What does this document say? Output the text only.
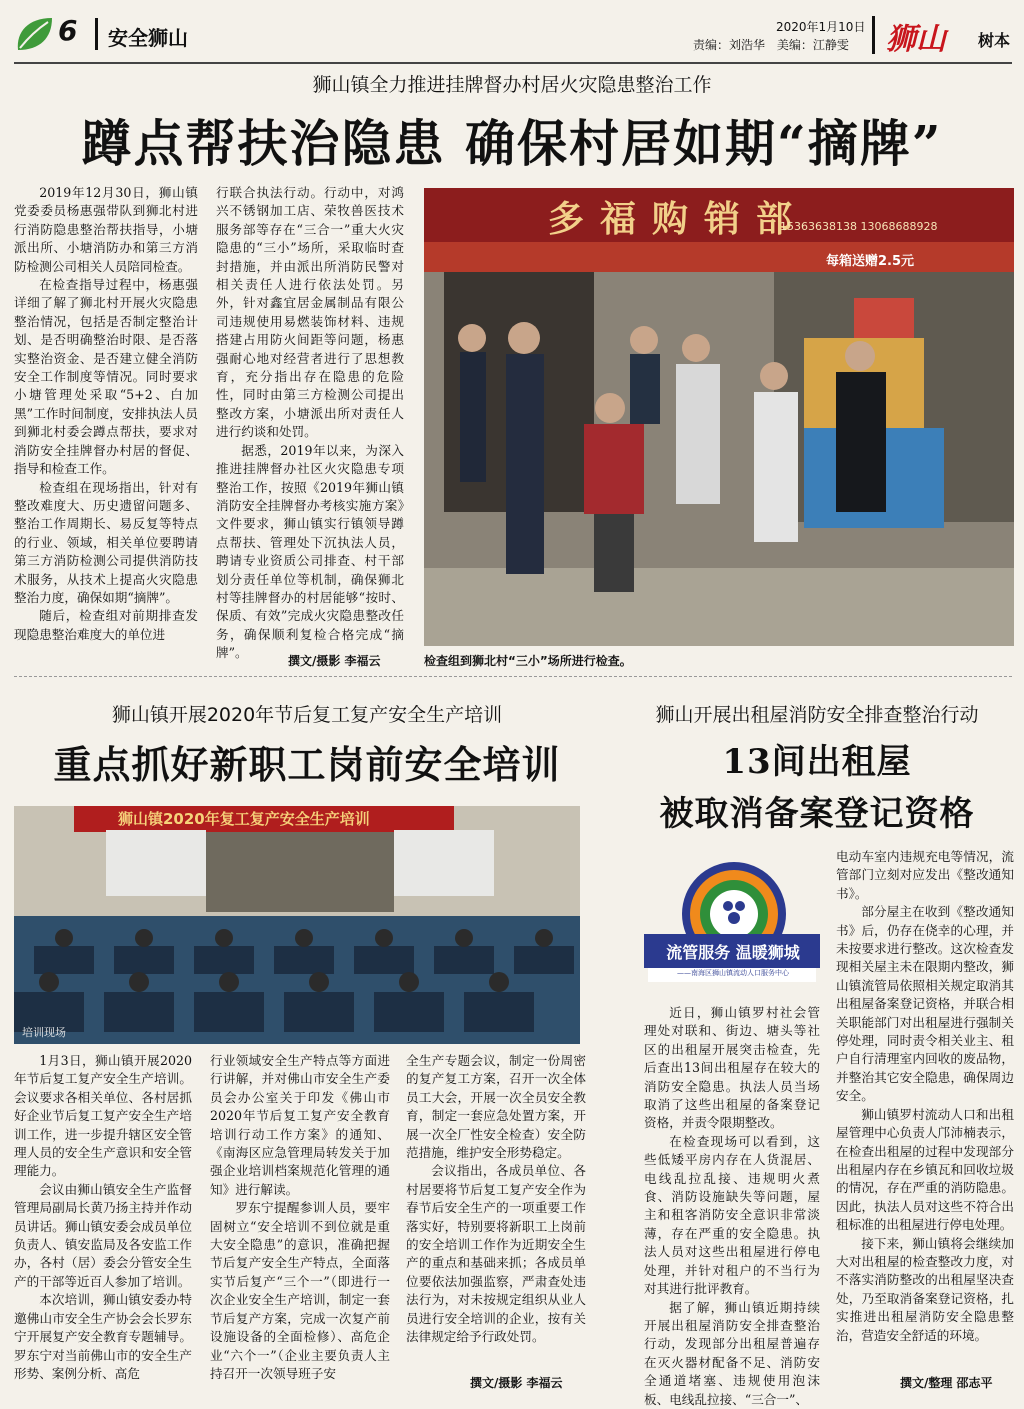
6 安全狮山	2020年1月10日
责编：刘浩华 美编：江静雯 狮山 树本
狮山镇全力推进挂牌督办村居火灾隐患整治工作
蹲点帮扶治隐患 确保村居如期“摘牌”

2019年12月30日，狮山镇党委委员杨惠强带队到狮北村进行消防隐患整治帮扶指导，小塘派出所、小塘消防办和第三方消防检测公司相关人员陪同检查。

在检查指导过程中，杨惠强详细了解了狮北村开展火灾隐患整治情况，包括是否制定整治计划、是否明确整治时限、是否落实整治资金、是否建立健全消防安全工作制度等情况。同时要求小塘管理处采取“5+2、白加黑”工作时间制度，安排执法人员到狮北村委会蹲点帮扶，要求对消防安全挂牌督办村居的督促、指导和检查工作。

检查组在现场指出，针对有整改难度大、历史遗留问题多、整治工作周期长、易反复等特点的行业、领域，相关单位要聘请第三方消防检测公司提供消防技术服务，从技术上提高火灾隐患整治力度，确保如期“摘牌”。

随后，检查组对前期排查发现隐患整治难度大的单位进

行联合执法行动。行动中，对鸿兴不锈钢加工店、荣牧兽医技术服务部等存在“三合一”重大火灾隐患的“三小”场所，采取临时查封措施，并由派出所消防民警对相关责任人进行依法处罚。另外，针对鑫宜居金属制品有限公司违规使用易燃装饰材料、违规搭建占用防火间距等问题，杨惠强耐心地对经营者进行了思想教育，充分指出存在隐患的危险性，同时由第三方检测公司提出整改方案，小塘派出所对责任人进行约谈和处罚。

据悉，2019年以来，为深入推进挂牌督办社区火灾隐患专项整治工作，按照《2019年狮山镇消防安全挂牌督办考核实施方案》文件要求，狮山镇实行镇领导蹲点帮扶、管理处下沉执法人员，聘请专业资质公司排查、村干部划分责任单位等机制，确保狮北村等挂牌督办的村居能够“按时、保质、有效”完成火灾隐患整改任务，确保顺利复检合格完成“摘牌”。

撰文/摄影 李福云
多福购销部
15363638138 13068688928
每箱送赠2.5元
检查组到狮北村“三小”场所进行检查。
狮山镇开展2020年节后复工复产安全生产培训
重点抓好新职工岗前安全培训
狮山镇2020年复工复产安全生产培训
培训现场

1月3日，狮山镇开展2020年节后复工复产安全生产培训。会议要求各相关单位、各村居抓好企业节后复工复产安全生产培训工作，进一步提升辖区安全管理人员的安全生产意识和安全管理能力。

会议由狮山镇安全生产监督管理局副局长黄乃扬主持并作动员讲话。狮山镇安委会成员单位负责人、镇安监局及各安监工作办，各村（居）委会分管安全生产的干部等近百人参加了培训。

本次培训，狮山镇安委办特邀佛山市安全生产协会会长罗东宁开展复产安全教育专题辅导。罗东宁对当前佛山市的安全生产形势、案例分析、高危

行业领域安全生产特点等方面进行讲解，并对佛山市安全生产委员会办公室关于印发《佛山市2020年节后复工复产安全教育培训行动工作方案》的通知、《南海区应急管理局转发关于加强企业培训档案规范化管理的通知》进行解读。

罗东宁提醒参训人员，要牢固树立“安全培训不到位就是重大安全隐患”的意识，准确把握节后复产安全生产特点，全面落实节后复产“三个一”（即进行一次企业安全生产培训，制定一套节后复产方案，完成一次复产前设施设备的全面检修）、高危企业“六个一”（企业主要负责人主持召开一次领导班子安

全生产专题会议，制定一份周密的复产复工方案，召开一次全体员工大会，开展一次全员安全教育，制定一套应急处置方案，开展一次全厂性安全检查）安全防范措施，维护安全形势稳定。

会议指出，各成员单位、各村居要将节后复工复产安全作为春节后安全生产的一项重要工作落实好，特别要将新职工上岗前的安全培训工作作为近期安全生产的重点和基础来抓；各成员单位要依法加强监察，严肃查处违法行为，对未按规定组织从业人员进行安全培训的企业，按有关法律规定给予行政处罚。

撰文/摄影 李福云
狮山开展出租屋消防安全排查整治行动
13间出租屋
被取消备案登记资格
流管服务 温暖狮城
——南海区狮山镇流动人口服务中心

近日，狮山镇罗村社会管理处对联和、街边、塘头等社区的出租屋开展突击检查，先后查出13间出租屋存在较大的消防安全隐患。执法人员当场取消了这些出租屋的备案登记资格，并责令限期整改。

在检查现场可以看到，这些低矮平房内存在人货混居、电线乱拉乱接、违规明火煮食、消防设施缺失等问题，屋主和租客消防安全意识非常淡薄，存在严重的安全隐患。执法人员对这些出租屋进行停电处理，并针对租户的不当行为对其进行批评教育。

据了解，狮山镇近期持续开展出租屋消防安全排查整治行动，发现部分出租屋普遍存在灭火器材配备不足、消防安全通道堵塞、违规使用泡沫板、电线乱拉接、“三合一”、

电动车室内违规充电等情况，流管部门立刻对应发出《整改通知书》。

部分屋主在收到《整改通知书》后，仍存在侥幸的心理，并未按要求进行整改。这次检查发现相关屋主未在限期内整改，狮山镇流管局依照相关规定取消其出租屋备案登记资格，并联合相关职能部门对出租屋进行强制关停处理，同时责令相关业主、租户自行清理室内回收的废品物，并整治其它安全隐患，确保周边安全。

狮山镇罗村流动人口和出租屋管理中心负责人邝沛楠表示，在检查出租屋的过程中发现部分出租屋内存在乡镇瓦和回收垃圾的情况，存在严重的消防隐患。因此，执法人员对这些不符合出租标准的出租屋进行停电处理。

接下来，狮山镇将会继续加大对出租屋的检查整改力度，对不落实消防整改的出租屋坚决查处，乃至取消备案登记资格，扎实推进出租屋消防安全隐患整治，营造安全舒适的环境。

撰文/整理 邵志平
